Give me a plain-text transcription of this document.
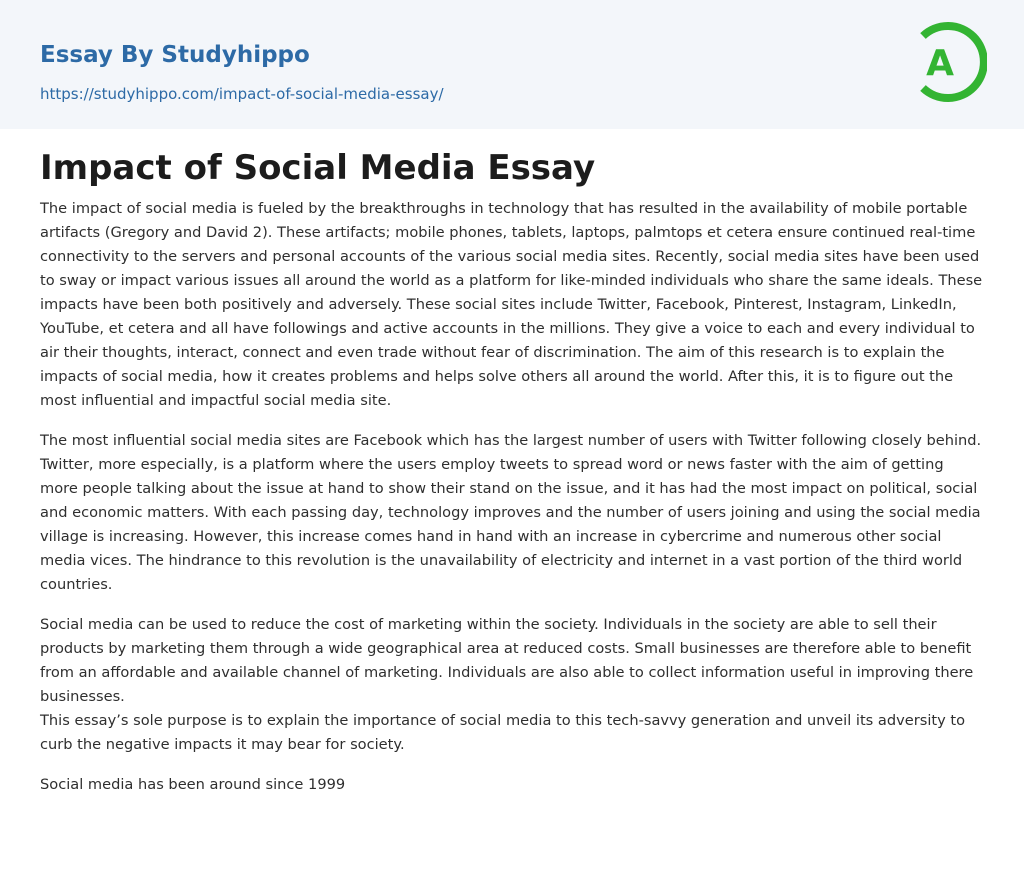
Essay By Studyhippo
https://studyhippo.com/impact-of-social-media-essay/
A
Impact of Social Media Essay

The impact of social media is fueled by the breakthroughs in technology that has resulted in the availability of mobile portable artifacts (Gregory and David 2). These artifacts; mobile phones, tablets, laptops, palmtops et cetera ensure continued real-time connectivity to the servers and personal accounts of the various social media sites. Recently, social media sites have been used to sway or impact various issues all around the world as a platform for like-minded individuals who share the same ideals. These impacts have been both positively and adversely. These social sites include Twitter, Facebook, Pinterest, Instagram, LinkedIn, YouTube, et cetera and all have followings and active accounts in the millions. They give a voice to each and every individual to air their thoughts, interact, connect and even trade without fear of discrimination. The aim of this research is to explain the impacts of social media, how it creates problems and helps solve others all around the world. After this, it is to figure out the most influential and impactful social media site.

The most influential social media sites are Facebook which has the largest number of users with Twitter following closely behind. Twitter, more especially, is a platform where the users employ tweets to spread word or news faster with the aim of getting more people talking about the issue at hand to show their stand on the issue, and it has had the most impact on political, social and economic matters. With each passing day, technology improves and the number of users joining and using the social media village is increasing. However, this increase comes hand in hand with an increase in cybercrime and numerous other social media vices. The hindrance to this revolution is the unavailability of electricity and internet in a vast portion of the third world countries.

Social media can be used to reduce the cost of marketing within the society. Individuals in the society are able to sell their products by marketing them through a wide geographical area at reduced costs. Small businesses are therefore able to benefit from an affordable and available channel of marketing. Individuals are also able to collect information useful in improving there businesses.

This essay’s sole purpose is to explain the importance of social media to this tech-savvy generation and unveil its adversity to curb the negative impacts it may bear for society.

Social media has been around since 1999
